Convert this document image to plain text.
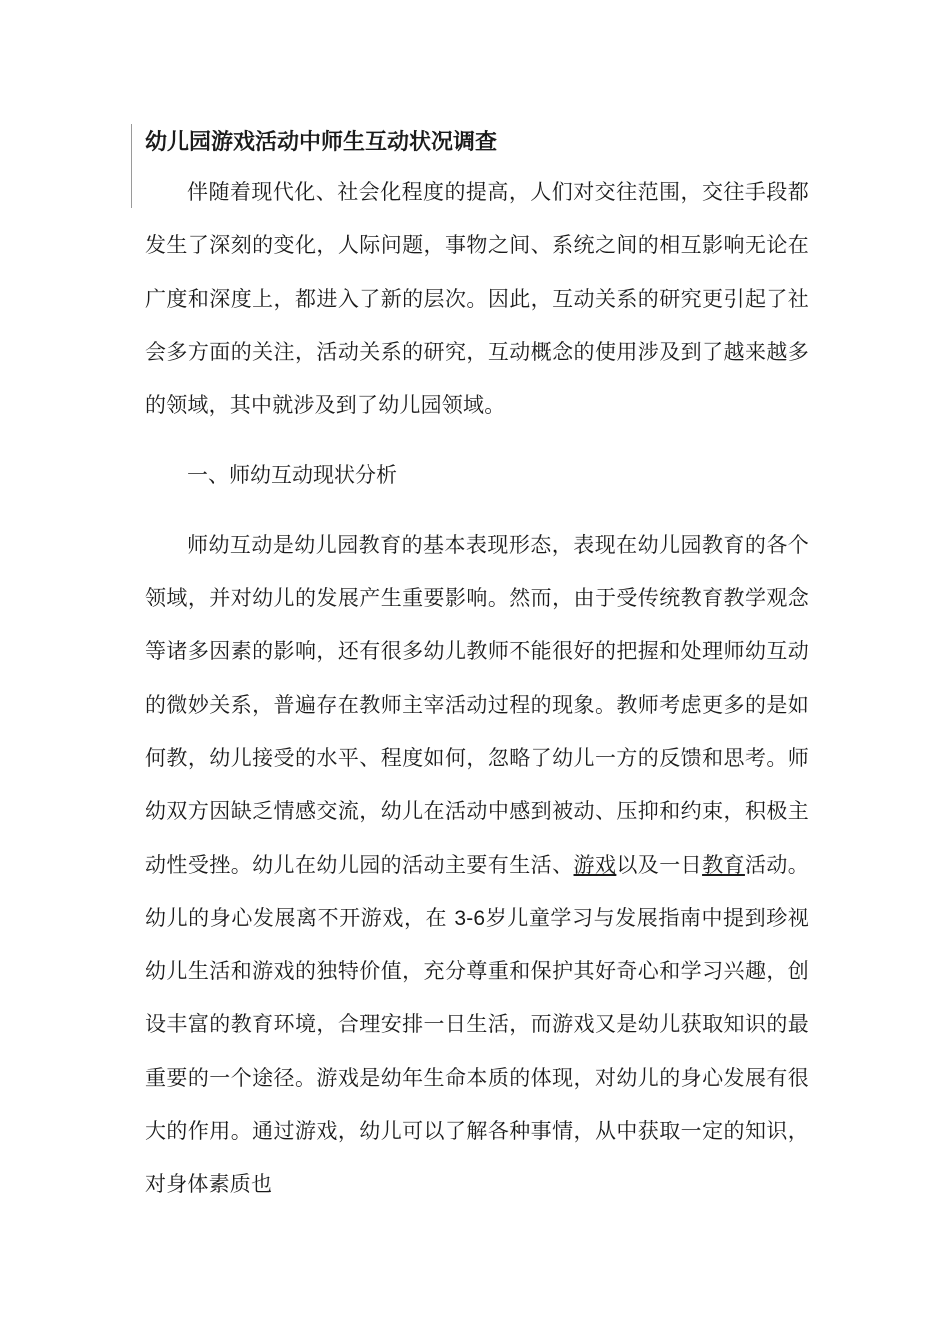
幼儿园游戏活动中师生互动状况调查

伴随着现代化、社会化程度的提高，人们对交往范围，交往手段都发生了深刻的变化，人际问题，事物之间、系统之间的相互影响无论在广度和深度上，都进入了新的层次。因此，互动关系的研究更引起了社会多方面的关注，活动关系的研究，互动概念的使用涉及到了越来越多的领域，其中就涉及到了幼儿园领域。

一、师幼互动现状分析

师幼互动是幼儿园教育的基本表现形态，表现在幼儿园教育的各个领域，并对幼儿的发展产生重要影响。然而，由于受传统教育教学观念等诸多因素的影响，还有很多幼儿教师不能很好的把握和处理师幼互动的微妙关系，普遍存在教师主宰活动过程的现象。教师考虑更多的是如何教，幼儿接受的水平、程度如何，忽略了幼儿一方的反馈和思考。师幼双方因缺乏情感交流，幼儿在活动中感到被动、压抑和约束，积极主动性受挫。幼儿在幼儿园的活动主要有生活、游戏以及一日教育活动。幼儿的身心发展离不开游戏，在 3-6岁儿童学习与发展指南中提到珍视幼儿生活和游戏的独特价值，充分尊重和保护其好奇心和学习兴趣，创设丰富的教育环境，合理安排一日生活，而游戏又是幼儿获取知识的最重要的一个途径。游戏是幼年生命本质的体现，对幼儿的身心发展有很大的作用。通过游戏，幼儿可以了解各种事情，从中获取一定的知识，对身体素质也
